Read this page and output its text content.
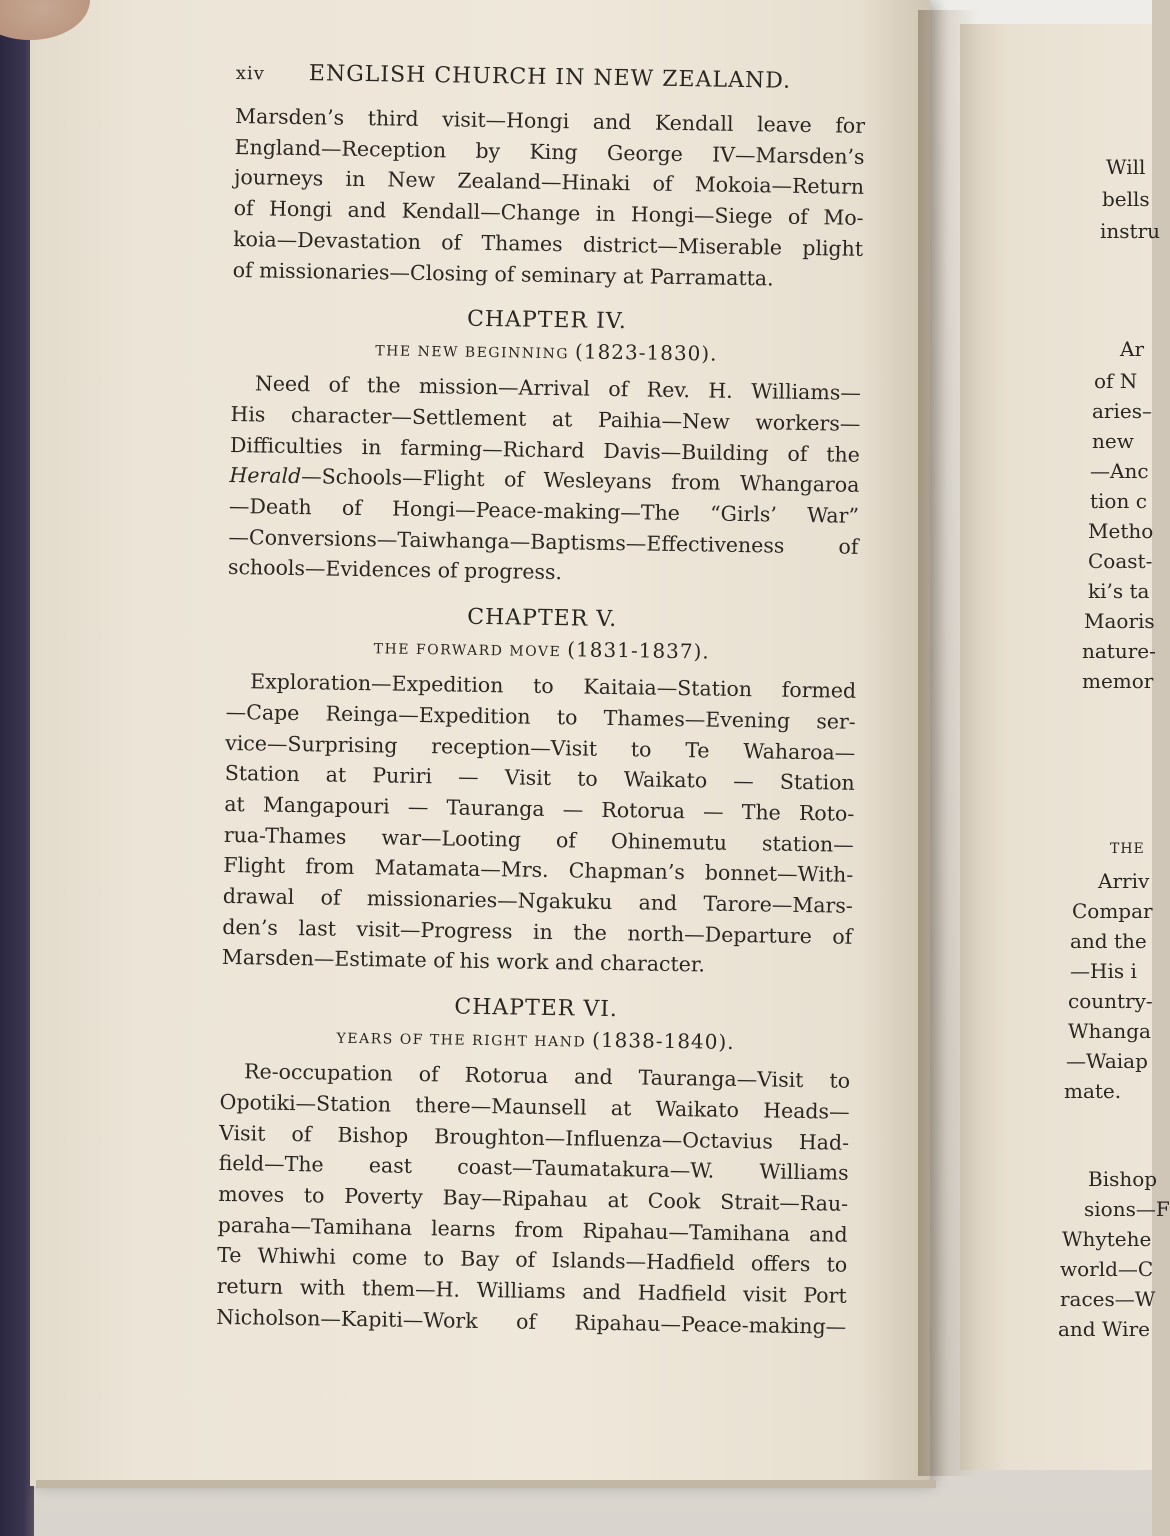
Will
bells
instru
Ar
of N
aries–
new
—Anc
tion c
Metho
Coast-
ki’s ta
Maoris
nature-
memor
THE
Arriv
Compar
and the
—His i
country-
Whanga
—Waiap
mate.
Bishop
sions—F
Whytehe
world—C
races—W
and Wire
xiv ENGLISH CHURCH IN NEW ZEALAND.
Marsden’s third visit—Hongi and Kendall leave for
England—Reception by King George IV—Marsden’s
journeys in New Zealand—Hinaki of Mokoia—Return
of Hongi and Kendall—Change in Hongi—Siege of Mo-
koia—Devastation of Thames district—Miserable plight
of missionaries—Closing of seminary at Parramatta.
CHAPTER IV.
THE NEW BEGINNING (1823-1830).
Need of the mission—Arrival of Rev. H. Williams—
His character—Settlement at Paihia—New workers—
Difficulties in farming—Richard Davis—Building of the
Herald—Schools—Flight of Wesleyans from Whangaroa
—Death of Hongi—Peace-making—The “Girls’ War”
—Conversions—Taiwhanga—Baptisms—Effectiveness of
schools—Evidences of progress.
CHAPTER V.
THE FORWARD MOVE (1831-1837).
Exploration—Expedition to Kaitaia—Station formed
—Cape Reinga—Expedition to Thames—Evening ser-
vice—Surprising reception—Visit to Te Waharoa—
Station at Puriri — Visit to Waikato — Station
at Mangapouri — Tauranga — Rotorua — The Roto-
rua-Thames war—Looting of Ohinemutu station—
Flight from Matamata—Mrs. Chapman’s bonnet—With-
drawal of missionaries—Ngakuku and Tarore—Mars-
den’s last visit—Progress in the north—Departure of
Marsden—Estimate of his work and character.
CHAPTER VI.
YEARS OF THE RIGHT HAND (1838-1840).
Re-occupation of Rotorua and Tauranga—Visit to
Opotiki—Station there—Maunsell at Waikato Heads—
Visit of Bishop Broughton—Influenza—Octavius Had-
field—The east coast—Taumatakura—W. Williams
moves to Poverty Bay—Ripahau at Cook Strait—Rau-
paraha—Tamihana learns from Ripahau—Tamihana and
Te Whiwhi come to Bay of Islands—Hadfield offers to
return with them—H. Williams and Hadfield visit Port
Nicholson—Kapiti—Work of Ripahau—Peace-making—
